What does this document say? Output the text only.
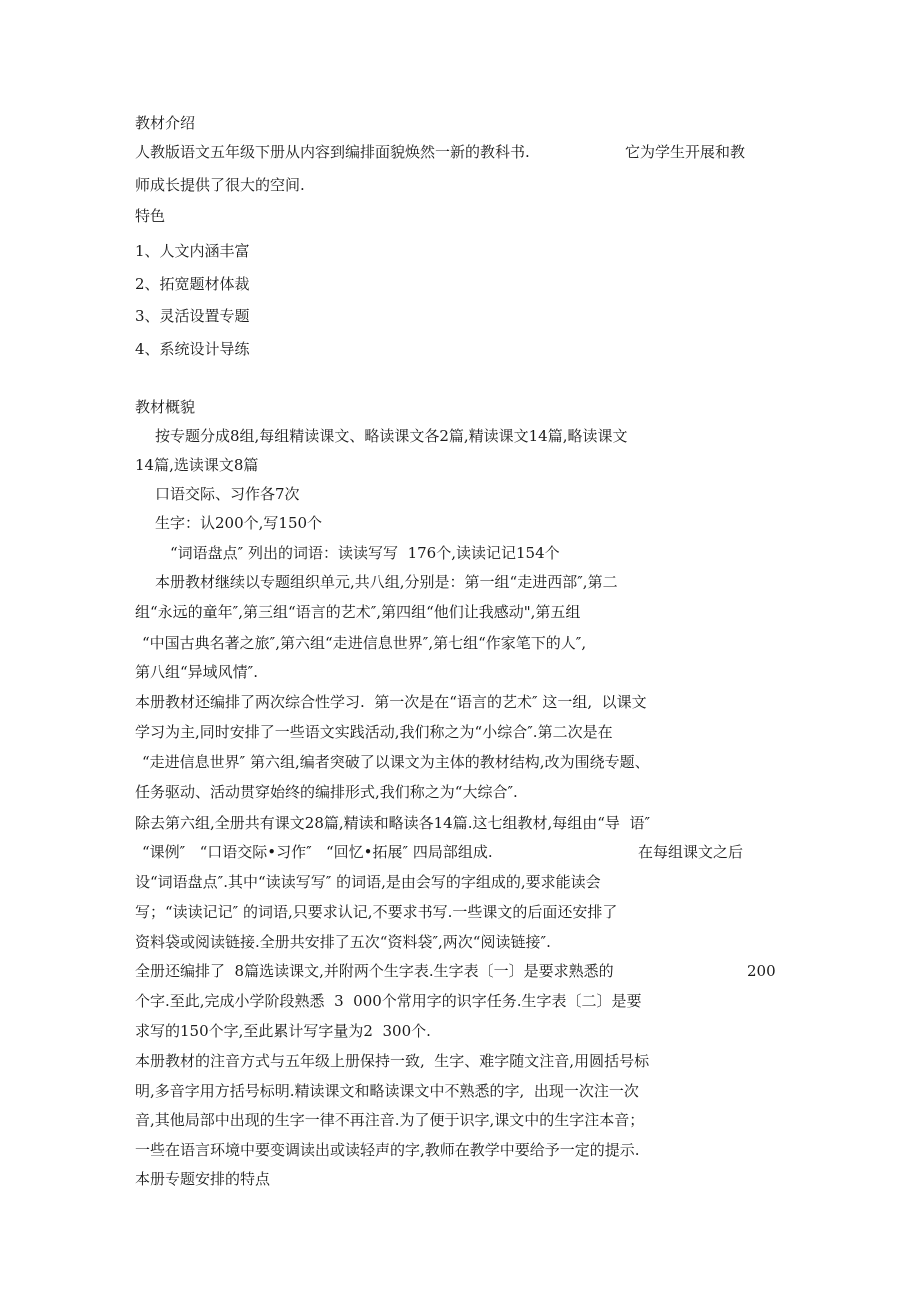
教材介绍

人教版语文五年级下册从内容到编排面貌焕然一新的教科书.	它为学生开展和教

师成长提供了很大的空间.

特色

1、人文内涵丰富

2、拓宽题材体裁

3、灵活设置专题

4、系统设计导练

教材概貌

按专题分成8组,每组精读课文、略读课文各2篇,精读课文14篇,略读课文

14篇,选读课文8篇

口语交际、习作各7次

生字：认200个,写150个

“词语盘点″ 列出的词语：读读写写  176个,读读记记154个

本册教材继续以专题组织单元,共八组,分别是：第一组“走进西部″,第二

组“永远的童年″,第三组“语言的艺术″,第四组“他们让我感动",第五组

“中国古典名著之旅″,第六组“走进信息世界″,第七组“作家笔下的人″,

第八组“异域风情″.

本册教材还编排了两次综合性学习.  第一次是在“语言的艺术″ 这一组,  以课文

学习为主,同时安排了一些语文实践活动,我们称之为“小综合″.第二次是在

“走进信息世界″ 第六组,编者突破了以课文为主体的教材结构,改为围绕专题、

任务驱动、活动贯穿始终的编排形式,我们称之为“大综合″.

除去第六组,全册共有课文28篇,精读和略读各14篇.这七组教材,每组由“导  语″

“课例″   “口语交际•习作″   “回忆•拓展″ 四局部组成.	在每组课文之后

设“词语盘点″.其中“读读写写″ 的词语,是由会写的字组成的,要求能读会

写；“读读记记″ 的词语,只要求认记,不要求书写.一些课文的后面还安排了

资料袋或阅读链接.全册共安排了五次“资料袋″,两次“阅读链接″.

全册还编排了  8篇选读课文,并附两个生字表.生字表〔一〕是要求熟悉的	200

个字.至此,完成小学阶段熟悉  3  000个常用字的识字任务.生字表〔二〕是要

求写的150个字,至此累计写字量为2  300个.

本册教材的注音方式与五年级上册保持一致,  生字、难字随文注音,用圆括号标

明,多音字用方括号标明.精读课文和略读课文中不熟悉的字,  出现一次注一次

音,其他局部中出现的生字一律不再注音.为了便于识字,课文中的生字注本音；

一些在语言环境中要变调读出或读轻声的字,教师在教学中要给予一定的提示.

本册专题安排的特点
